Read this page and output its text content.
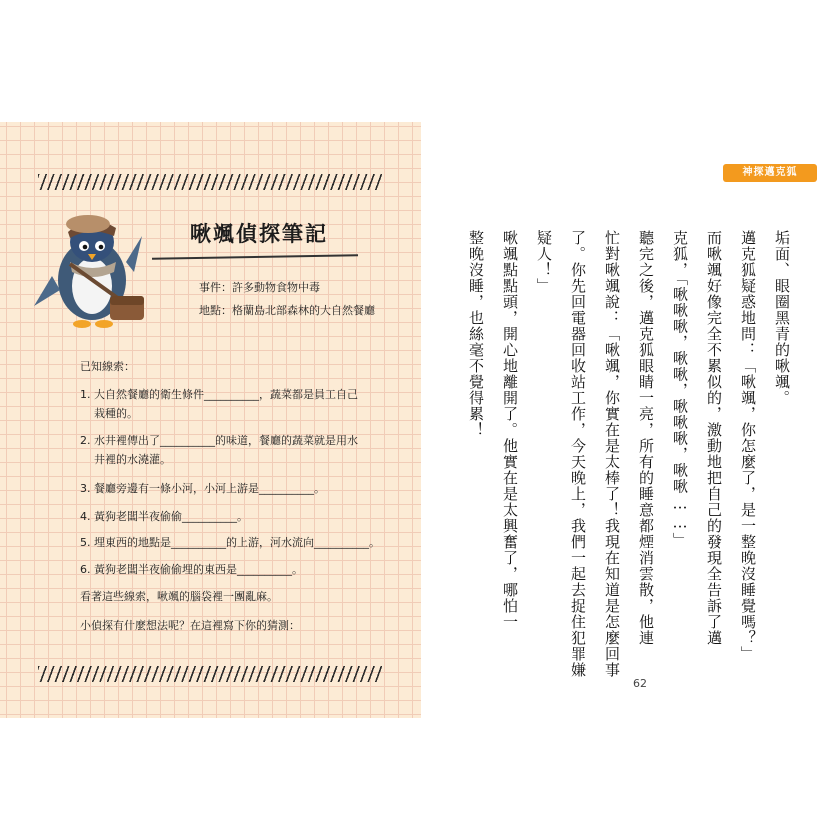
啾颯偵探筆記
事件：許多動物食物中毒
地點：格蘭島北部森林的大自然餐廳
已知線索：
1. 大自然餐廳的衛生條件__________，蔬菜都是員工自己
栽種的。
2. 水井裡傳出了__________的味道，餐廳的蔬菜就是用水
井裡的水澆灌。
3. 餐廳旁邊有一條小河，小河上游是__________。
4. 黃狗老闆半夜偷偷__________。
5. 埋東西的地點是__________的上游，河水流向__________。
6. 黃狗老闆半夜偷偷埋的東西是__________。
看著這些線索，啾颯的腦袋裡一團亂麻。
小偵探有什麼想法呢？在這裡寫下你的猜測：
神探邁克狐
垢面、眼圈黑青的啾颯。
邁克狐疑惑地問：「啾颯，你怎麼了，是一整晚沒睡覺嗎？」
而啾颯好像完全不累似的，激動地把自己的發現全告訴了邁
克狐，「啾啾啾，啾啾，啾啾啾，啾啾……」
聽完之後，邁克狐眼睛一亮，所有的睡意都煙消雲散，他連
忙對啾颯說：「啾颯，你實在是太棒了！我現在知道是怎麼回事
了。你先回電器回收站工作，今天晚上，我們一起去捉住犯罪嫌
疑人！」
啾颯點點頭，開心地離開了。他實在是太興奮了，哪怕一
整晚沒睡，也絲毫不覺得累！
62
